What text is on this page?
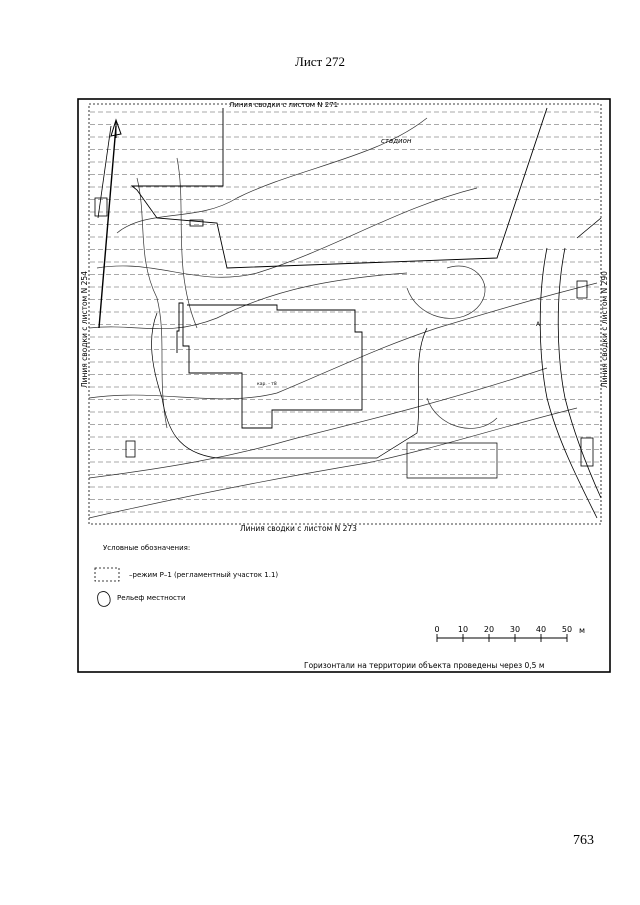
Лист 272
стадион
кар. - т8
А
Линия сводки с листом N 271
Линия сводки с листом N 273
Линия сводки с листом N 254	Линия сводки с листом N 290
Условные обозначения:
–режим Р–1 (регламентный участок 1.1)
Рельеф местности
0 10 20 30 40 50 м
Горизонтали на территории объекта проведены через 0,5 м
763
